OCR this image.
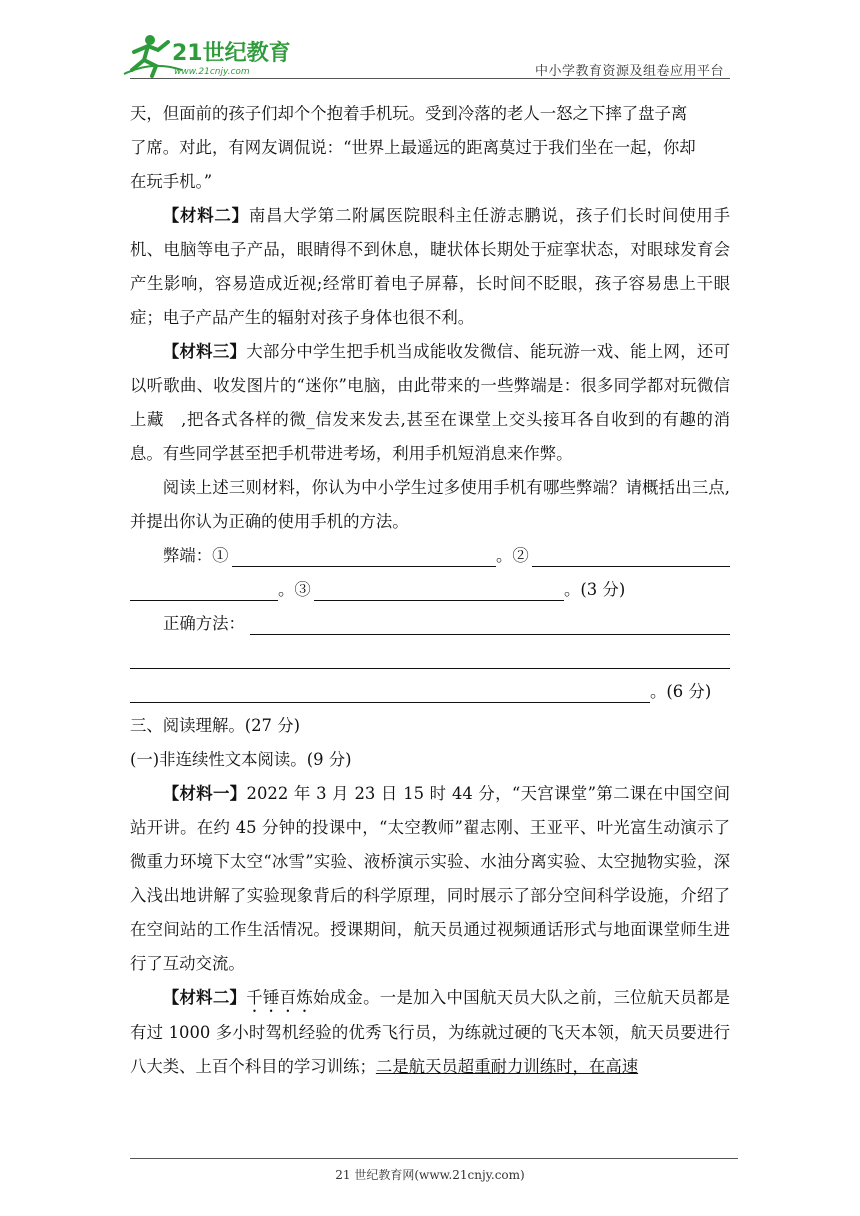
21世纪教育
www.21cnjy.com	中小学教育资源及组卷应用平台

天，但面前的孩子们却个个抱着手机玩。受到冷落的老人一怒之下摔了盘子离

了席。对此，有网友调侃说：“世界上最遥远的距离莫过于我们坐在一起，你却

在玩手机。”

【材料二】南昌大学第二附属医院眼科主任游志鹏说，孩子们长时间使用手机、电脑等电子产品，眼睛得不到休息，睫状体长期处于症挛状态，对眼球发育会产生影响，容易造成近视;经常盯着电子屏幕，长时间不眨眼，孩子容易患上干眼症；电子产品产生的辐射对孩子身体也很不利。

【材料三】大部分中学生把手机当成能收发微信、能玩游一戏、能上网，还可以听歌曲、收发图片的“迷你”电脑，由此带来的一些弊端是：很多同学都对玩微信上藏　,把各式各样的微_信发来发去,甚至在课堂上交头接耳各自收到的有趣的消息。有些同学甚至把手机带进考场，利用手机短消息来作弊。

阅读上述三则材料，你认为中小学生过多使用手机有哪些弊端？请概括出三点,并提出你认为正确的使用手机的方法。

弊端：①	。②
。③	。(3 分)
正确方法：
。(6 分)

三、阅读理解。(27 分)

(一)非连续性文本阅读。(9 分)

【材料一】2022 年 3 月 23 日 15 时 44 分，“天宫课堂”第二课在中国空间站开讲。在约 45 分钟的投课中，“太空教师”翟志刚、王亚平、叶光富生动演示了微重力环境下太空“冰雪”实验、液桥演示实验、水油分离实验、太空抛物实验，深入浅出地讲解了实验现象背后的科学原理，同时展示了部分空间科学设施，介绍了在空间站的工作生活情况。授课期间，航天员通过视频通话形式与地面课堂师生进行了互动交流。

【材料二】千锤百炼始成金。一是加入中国航天员大队之前，三位航天员都是有过 1000 多小时驾机经验的优秀飞行员，为练就过硬的飞天本领，航天员要进行八大类、上百个科目的学习训练；二是航天员超重耐力训练时，在高速

21 世纪教育网(www.21cnjy.com)
